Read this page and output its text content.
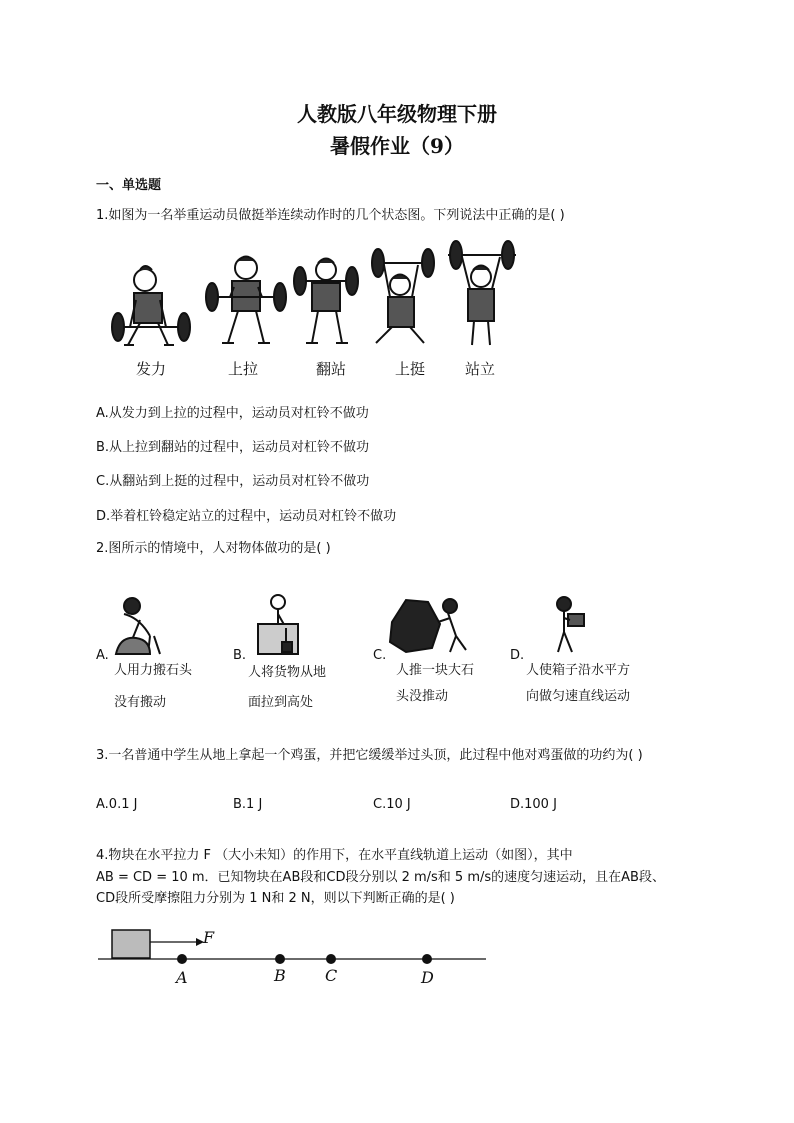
人教版八年级物理下册
暑假作业（9）
一、单选题
1.如图为一名举重运动员做挺举连续动作时的几个状态图。下列说法中正确的是( )
发力	上拉	翻站	上挺	站立
A.从发力到上拉的过程中，运动员对杠铃不做功
B.从上拉到翻站的过程中，运动员对杠铃不做功
C.从翻站到上挺的过程中，运动员对杠铃不做功
D.举着杠铃稳定站立的过程中，运动员对杠铃不做功
2.图所示的情境中，人对物体做功的是( )
A.
人用力搬石头
没有搬动
B.
人将货物从地
面拉到高处
C.
人推一块大石
头没推动
D.
人使箱子沿水平方
向做匀速直线运动
3.一名普通中学生从地上拿起一个鸡蛋，并把它缓缓举过头顶，此过程中他对鸡蛋做的功约为( )
A.0.1 J	B.1 J	C.10 J	D.100 J
4.物块在水平拉力 F （大小未知）的作用下，在水平直线轨道上运动（如图），其中
AB = CD = 10 m．已知物块在AB段和CD段分别以 2 m/s和 5 m/s的速度匀速运动，且在AB段、
CD段所受摩擦阻力分别为 1 N和 2 N，则以下判断正确的是( )
F
A	B C	D
